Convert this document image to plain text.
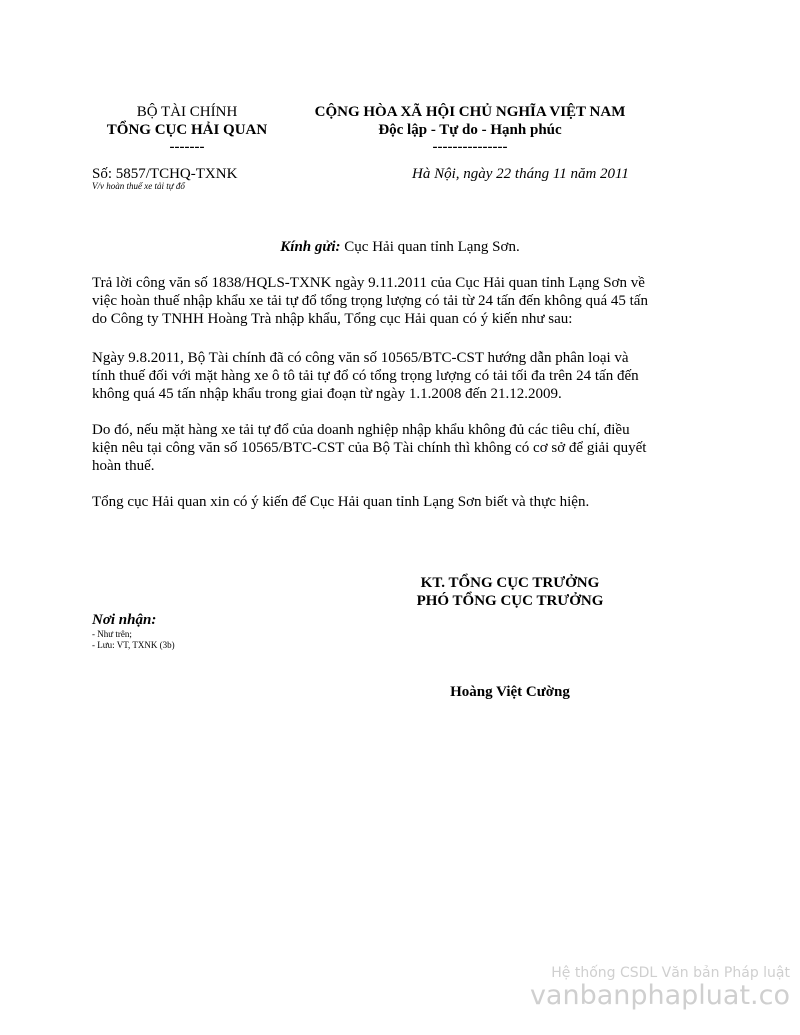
BỘ TÀI CHÍNH
TỔNG CỤC HẢI QUAN
-------
CỘNG HÒA XÃ HỘI CHỦ NGHĨA VIỆT NAM
Độc lập - Tự do - Hạnh phúc
---------------
Số: 5857/TCHQ-TXNK
V/v hoàn thuế xe tải tự đổ
Hà Nội, ngày 22 tháng 11 năm 2011
Kính gửi: Cục Hải quan tỉnh Lạng Sơn.
Trả lời công văn số 1838/HQLS-TXNK ngày 9.11.2011 của Cục Hải quan tỉnh Lạng Sơn về việc hoàn thuế nhập khẩu xe tải tự đổ tổng trọng lượng có tải từ 24 tấn đến không quá 45 tấn do Công ty TNHH Hoàng Trà nhập khẩu, Tổng cục Hải quan có ý kiến như sau:
Ngày 9.8.2011, Bộ Tài chính đã có công văn số 10565/BTC-CST hướng dẫn phân loại và tính thuế đối với mặt hàng xe ô tô tải tự đổ có tổng trọng lượng có tải tối đa trên 24 tấn đến không quá 45 tấn nhập khẩu trong giai đoạn từ ngày 1.1.2008 đến 21.12.2009.
Do đó, nếu mặt hàng xe tải tự đổ của doanh nghiệp nhập khẩu không đủ các tiêu chí, điều kiện nêu tại công văn số 10565/BTC-CST của Bộ Tài chính thì không có cơ sở để giải quyết hoàn thuế.
Tổng cục Hải quan xin có ý kiến để Cục Hải quan tỉnh Lạng Sơn biết và thực hiện.
KT. TỔNG CỤC TRƯỞNG
PHÓ TỔNG CỤC TRƯỞNG
Hoàng Việt Cường
Nơi nhận:
- Như trên;
- Lưu: VT, TXNK (3b)
Hệ thống CSDL Văn bản Pháp luật
vanbanphapluat.co
